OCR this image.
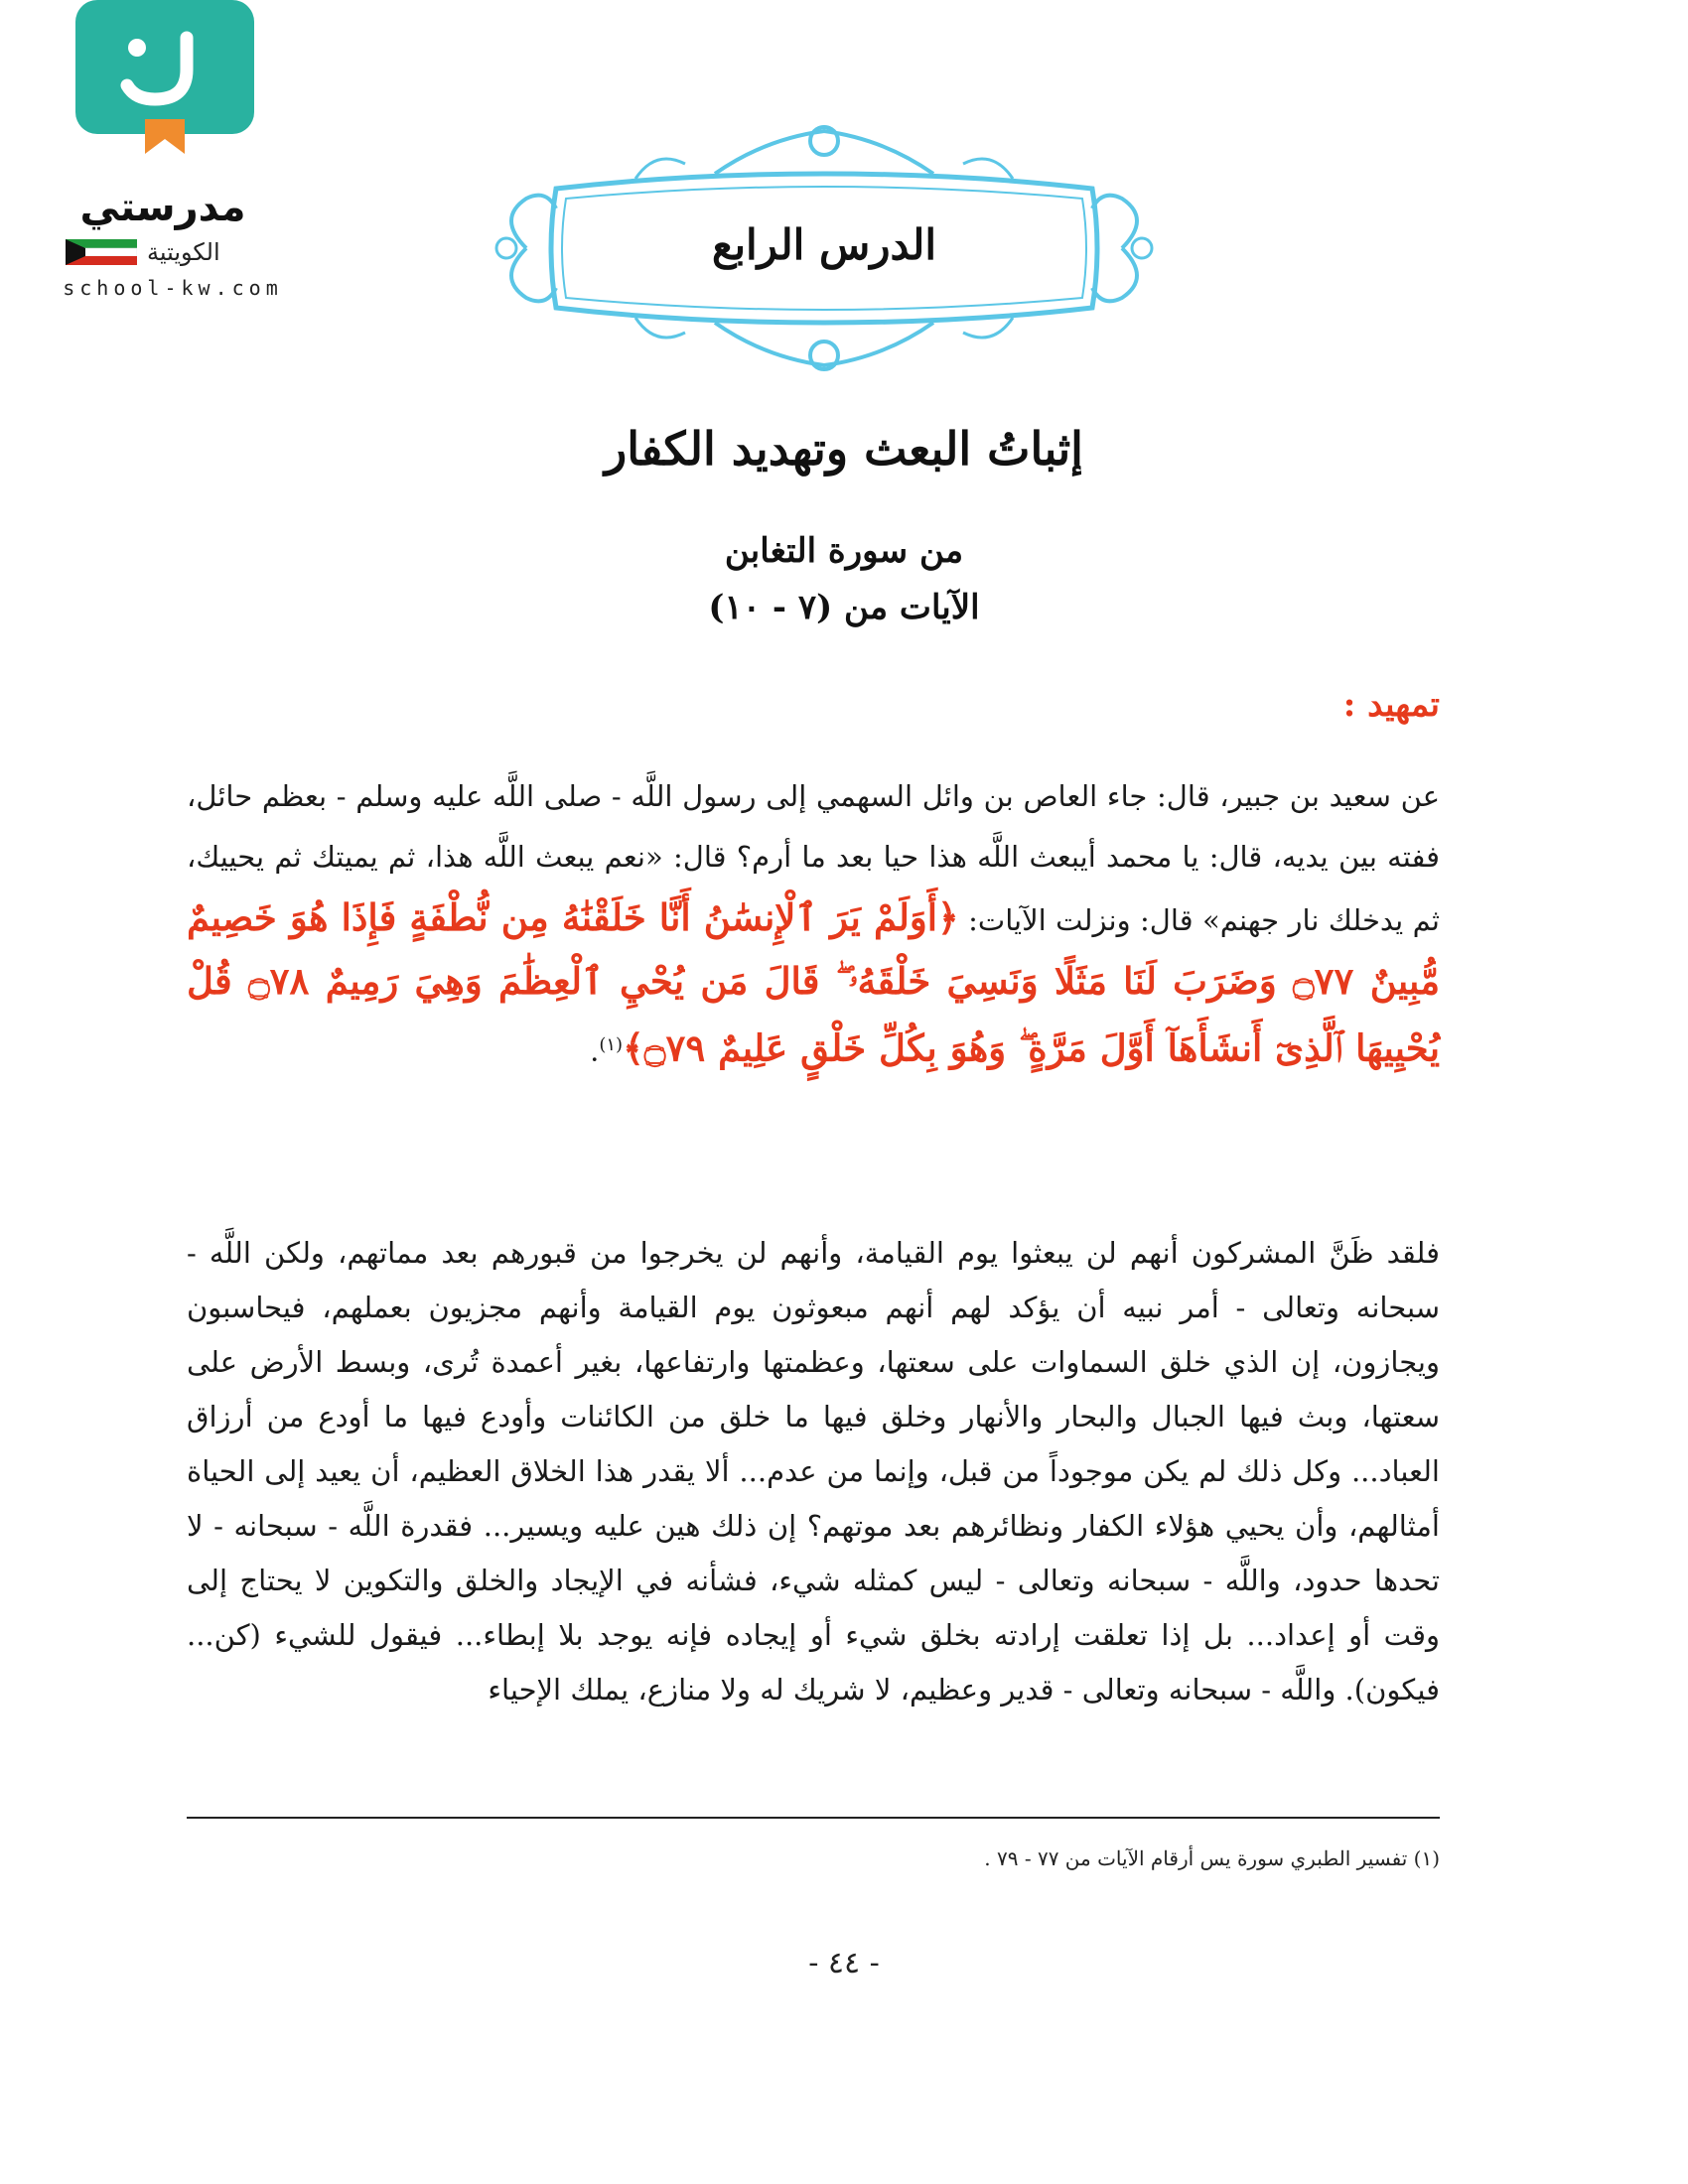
مدرستي
الكويتية
school-kw.com
الدرس الرابع
إثباتُ البعث وتهديد الكفار
من سورة التغابن
الآيات من (٧ - ١٠)
تمهيد :
عن سعيد بن جبير، قال: جاء العاص بن وائل السهمي إلى رسول اللَّه - صلى اللَّه عليه وسلم - بعظم حائل، ففته بين يديه، قال: يا محمد أيبعث اللَّه هذا حيا بعد ما أرم؟ قال: «نعم يبعث اللَّه هذا، ثم يميتك ثم يحييك، ثم يدخلك نار جهنم» قال: ونزلت الآيات: ﴿أَوَلَمْ يَرَ ٱلْإِنسَٰنُ أَنَّا خَلَقْنَٰهُ مِن نُّطْفَةٍ فَإِذَا هُوَ خَصِيمٌ مُّبِينٌ ۝٧٧ وَضَرَبَ لَنَا مَثَلًا وَنَسِيَ خَلْقَهُۥ ۖ قَالَ مَن يُحْيِ ٱلْعِظَٰمَ وَهِيَ رَمِيمٌ ۝٧٨ قُلْ يُحْيِيهَا ٱلَّذِىٓ أَنشَأَهَآ أَوَّلَ مَرَّةٍ ۖ وَهُوَ بِكُلِّ خَلْقٍ عَلِيمٌ ۝٧٩﴾$^{(١)}$.
فلقد ظَنَّ المشركون أنهم لن يبعثوا يوم القيامة، وأنهم لن يخرجوا من قبورهم بعد مماتهم، ولكن اللَّه - سبحانه وتعالى - أمر نبيه أن يؤكد لهم أنهم مبعوثون يوم القيامة وأنهم مجزيون بعملهم، فيحاسبون ويجازون، إن الذي خلق السماوات على سعتها، وعظمتها وارتفاعها، بغير أعمدة تُرى، وبسط الأرض على سعتها، وبث فيها الجبال والبحار والأنهار وخلق فيها ما خلق من الكائنات وأودع فيها ما أودع من أرزاق العباد... وكل ذلك لم يكن موجوداً من قبل، وإنما من عدم... ألا يقدر هذا الخلاق العظيم، أن يعيد إلى الحياة أمثالهم، وأن يحيي هؤلاء الكفار ونظائرهم بعد موتهم؟ إن ذلك هين عليه ويسير... فقدرة اللَّه - سبحانه - لا تحدها حدود، واللَّه - سبحانه وتعالى - ليس كمثله شيء، فشأنه في الإيجاد والخلق والتكوين لا يحتاج إلى وقت أو إعداد... بل إذا تعلقت إرادته بخلق شيء أو إيجاده فإنه يوجد بلا إبطاء... فيقول للشيء (كن... فيكون). واللَّه - سبحانه وتعالى - قدير وعظيم، لا شريك له ولا منازع، يملك الإحياء
(١) تفسير الطبري سورة يس أرقام الآيات من ٧٧ - ٧٩ .
- ٤٤ -
